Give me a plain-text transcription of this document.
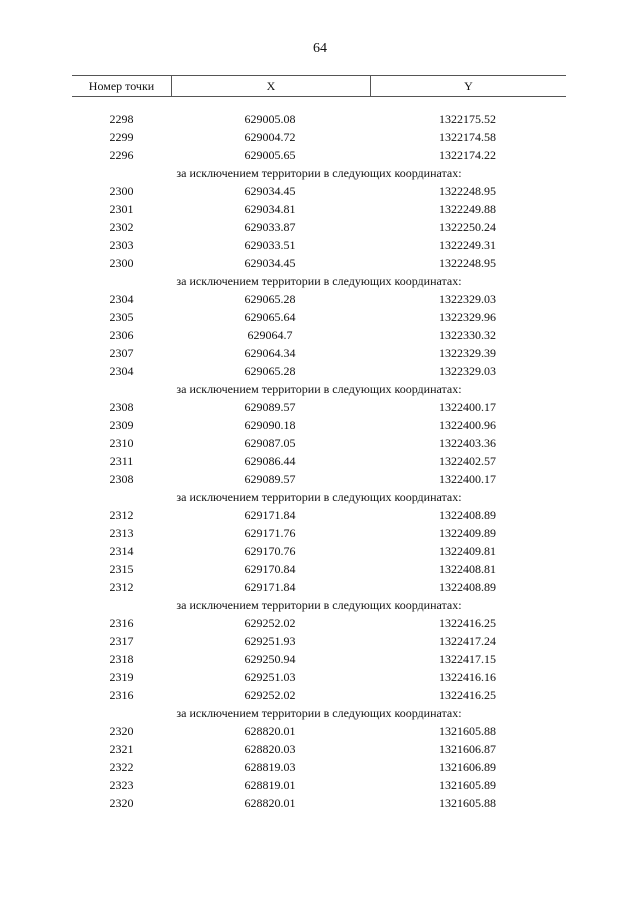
64
Номер точки	X	Y
2298	629005.08	1322175.52
2299	629004.72	1322174.58
2296	629005.65	1322174.22
за исключением территории в следующих координатах:
2300	629034.45	1322248.95
2301	629034.81	1322249.88
2302	629033.87	1322250.24
2303	629033.51	1322249.31
2300	629034.45	1322248.95
за исключением территории в следующих координатах:
2304	629065.28	1322329.03
2305	629065.64	1322329.96
2306	629064.7	1322330.32
2307	629064.34	1322329.39
2304	629065.28	1322329.03
за исключением территории в следующих координатах:
2308	629089.57	1322400.17
2309	629090.18	1322400.96
2310	629087.05	1322403.36
2311	629086.44	1322402.57
2308	629089.57	1322400.17
за исключением территории в следующих координатах:
2312	629171.84	1322408.89
2313	629171.76	1322409.89
2314	629170.76	1322409.81
2315	629170.84	1322408.81
2312	629171.84	1322408.89
за исключением территории в следующих координатах:
2316	629252.02	1322416.25
2317	629251.93	1322417.24
2318	629250.94	1322417.15
2319	629251.03	1322416.16
2316	629252.02	1322416.25
за исключением территории в следующих координатах:
2320	628820.01	1321605.88
2321	628820.03	1321606.87
2322	628819.03	1321606.89
2323	628819.01	1321605.89
2320	628820.01	1321605.88
